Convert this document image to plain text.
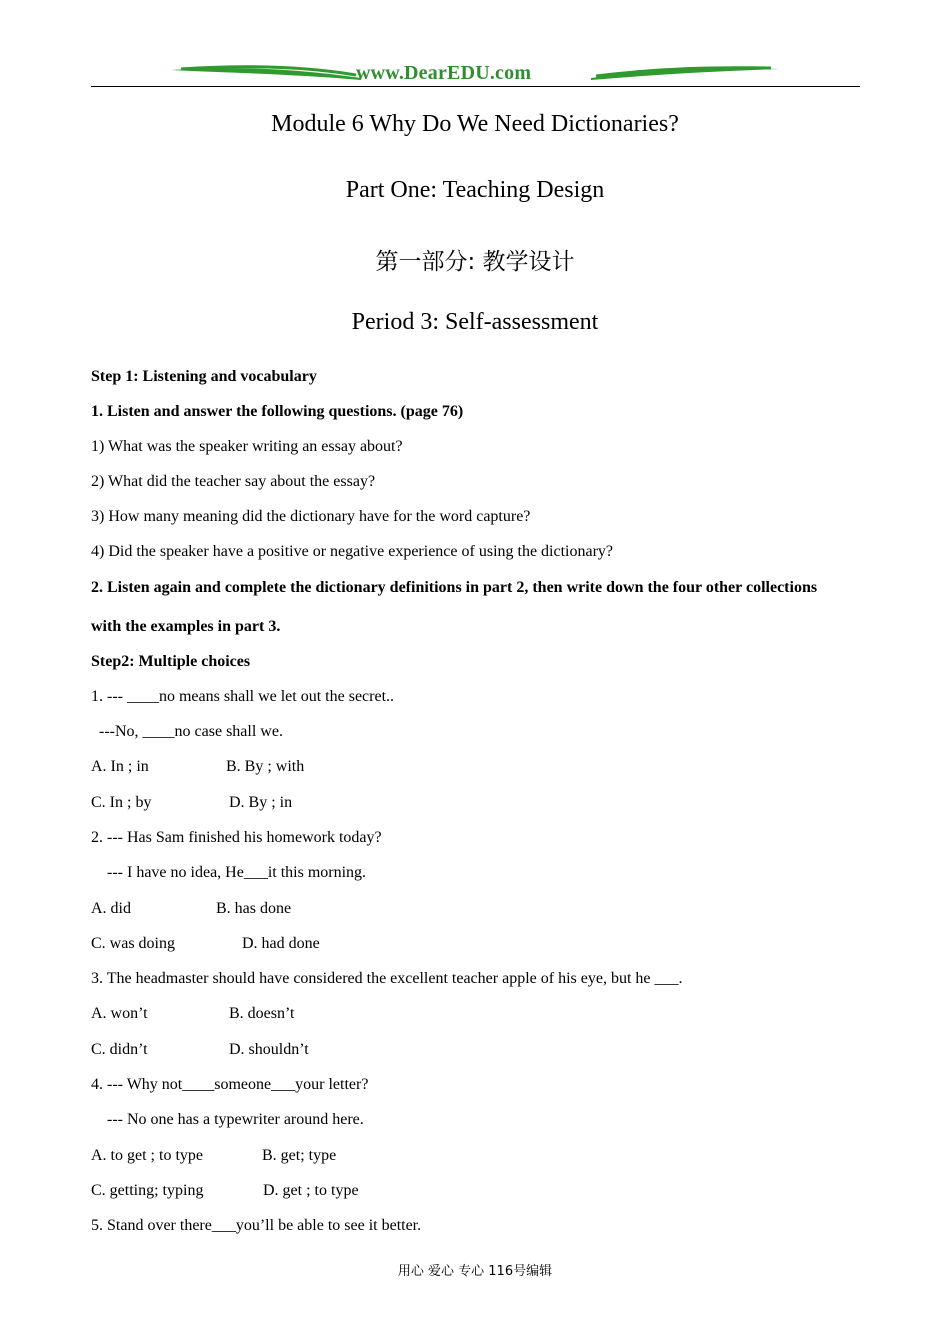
www.DearEDU.com
Module 6 Why Do We Need Dictionaries?
Part One: Teaching Design
第一部分: 教学设计
Period 3: Self-assessment
Step 1: Listening and vocabulary
1. Listen and answer the following questions. (page 76)
1) What was the speaker writing an essay about?
2) What did the teacher say about the essay?
3) How many meaning did the dictionary have for the word capture?
4) Did the speaker have a positive or negative experience of using the dictionary?
2. Listen again and complete the dictionary definitions in part 2, then write down the four other collections
with the examples in part 3.
Step2: Multiple choices
1. --- ____no means shall we let out the secret..
---No, ____no case shall we.
A. In ; in	B. By ; with
C. In ; by	D. By ; in
2. --- Has Sam finished his homework today?
--- I have no idea, He___it this morning.
A. did	B. has done
C. was doing	D. had done
3. The headmaster should have considered the excellent teacher apple of his eye, but he ___.
A. won’t	B. doesn’t
C. didn’t	D. shouldn’t
4. --- Why not____someone___your letter?
--- No one has a typewriter around here.
A. to get ; to type	B. get; type
C. getting; typing	D. get ; to type
5. Stand over there___you’ll be able to see it better.
用心 爱心 专心 116号编辑
